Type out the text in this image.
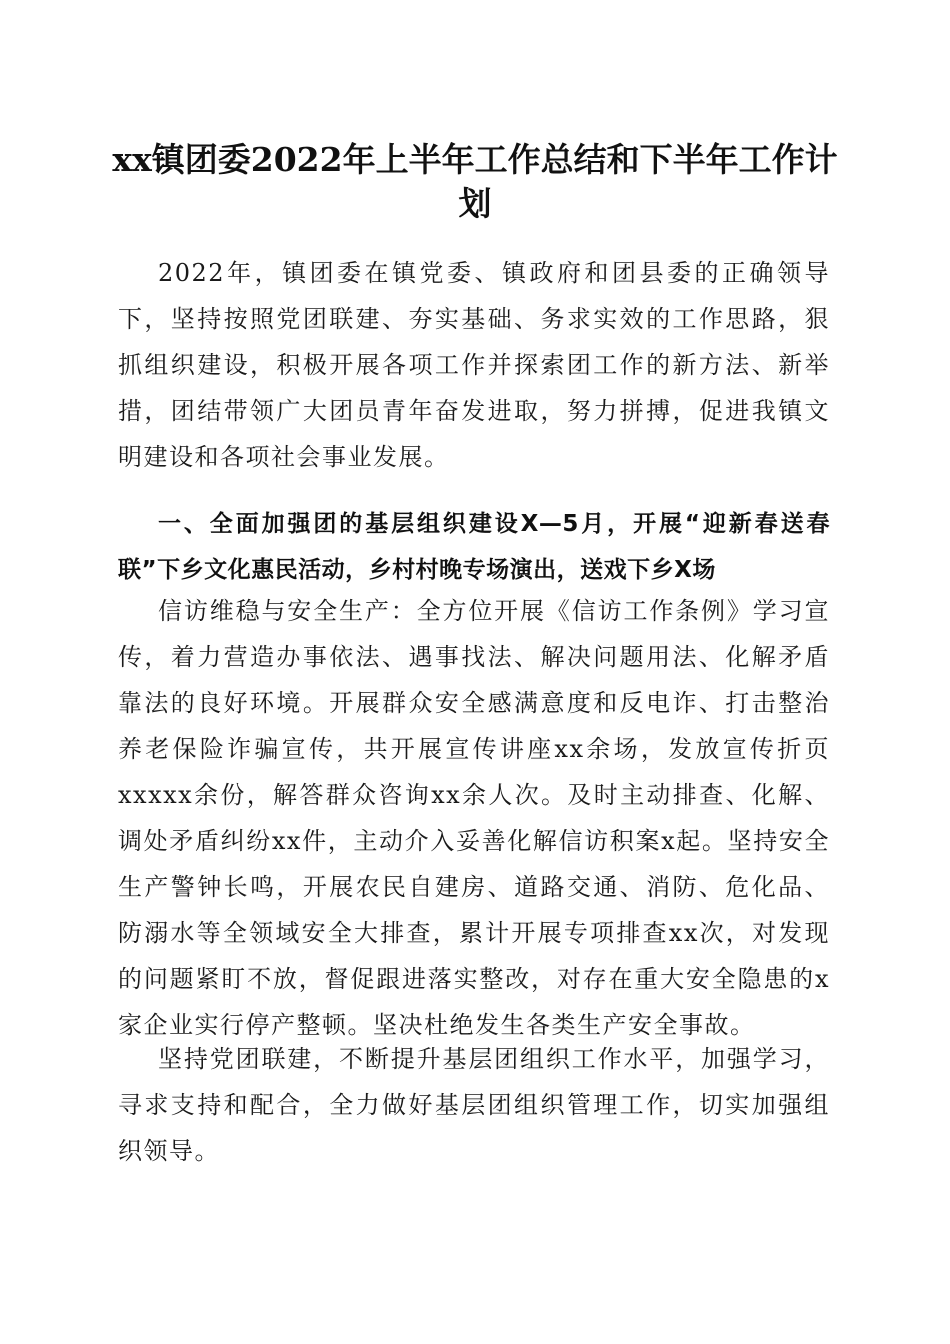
xx镇团委2022年上半年工作总结和下半年工作计划

2022年，镇团委在镇党委、镇政府和团县委的正确领导下，坚持按照党团联建、夯实基础、务求实效的工作思路，狠抓组织建设，积极开展各项工作并探索团工作的新方法、新举措，团结带领广大团员青年奋发进取，努力拼搏，促进我镇文明建设和各项社会事业发展。

一、全面加强团的基层组织建设X—5月，开展“迎新春送春联”下乡文化惠民活动，乡村村晚专场演出，送戏下乡X场

信访维稳与安全生产：全方位开展《信访工作条例》学习宣传，着力营造办事依法、遇事找法、解决问题用法、化解矛盾靠法的良好环境。开展群众安全感满意度和反电诈、打击整治养老保险诈骗宣传，共开展宣传讲座xx余场，发放宣传折页xxxxx余份，解答群众咨询xx余人次。及时主动排查、化解、调处矛盾纠纷xx件，主动介入妥善化解信访积案x起。坚持安全生产警钟长鸣，开展农民自建房、道路交通、消防、危化品、防溺水等全领域安全大排查，累计开展专项排查xx次，对发现的问题紧盯不放，督促跟进落实整改，对存在重大安全隐患的x家企业实行停产整顿。坚决杜绝发生各类生产安全事故。

坚持党团联建，不断提升基层团组织工作水平，加强学习，寻求支持和配合，全力做好基层团组织管理工作，切实加强组织领导。
